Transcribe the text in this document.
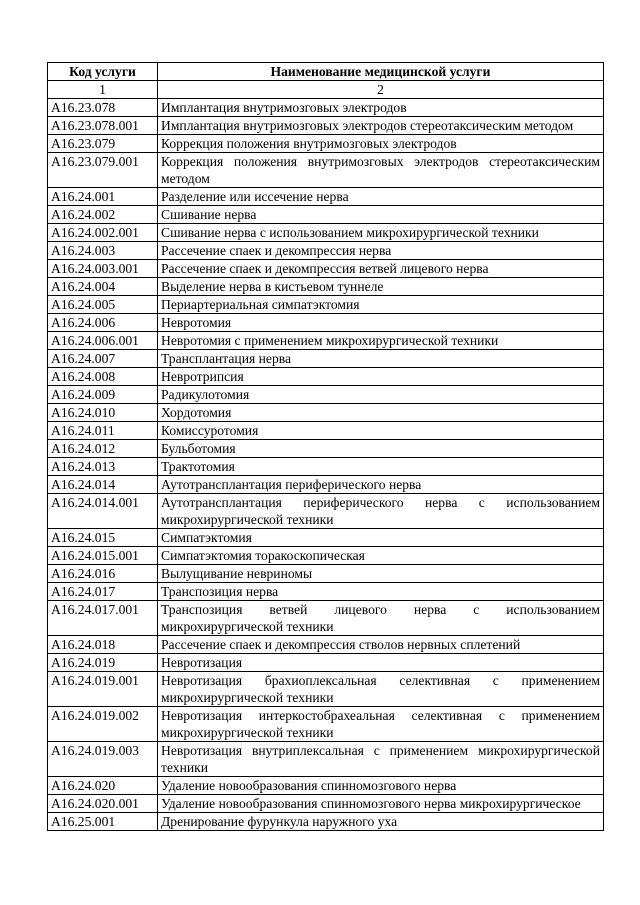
Код услуги	Наименование медицинской услуги
1	2
A16.23.078	Имплантация внутримозговых электродов
A16.23.078.001	Имплантация внутримозговых электродов стереотаксическим методом
A16.23.079	Коррекция положения внутримозговых электродов
A16.23.079.001	Коррекция положения внутримозговых электродов стереотаксическим методом
A16.24.001	Разделение или иссечение нерва
A16.24.002	Сшивание нерва
A16.24.002.001	Сшивание нерва с использованием микрохирургической техники
A16.24.003	Рассечение спаек и декомпрессия нерва
A16.24.003.001	Рассечение спаек и декомпрессия ветвей лицевого нерва
A16.24.004	Выделение нерва в кистьевом туннеле
A16.24.005	Периартериальная симпатэктомия
A16.24.006	Невротомия
A16.24.006.001	Невротомия с применением микрохирургической техники
A16.24.007	Трансплантация нерва
A16.24.008	Невротрипсия
A16.24.009	Радикулотомия
A16.24.010	Хордотомия
A16.24.011	Комиссуротомия
A16.24.012	Бульботомия
A16.24.013	Трактотомия
A16.24.014	Аутотрансплантация периферического нерва
A16.24.014.001	Аутотрансплантация периферического нерва с использованием микрохирургической техники
A16.24.015	Симпатэктомия
A16.24.015.001	Симпатэктомия торакоскопическая
A16.24.016	Вылущивание невриномы
A16.24.017	Транспозиция нерва
A16.24.017.001	Транспозиция ветвей лицевого нерва с использованием микрохирургической техники
A16.24.018	Рассечение спаек и декомпрессия стволов нервных сплетений
A16.24.019	Невротизация
A16.24.019.001	Невротизация брахиоплексальная селективная с применением микрохирургической техники
A16.24.019.002	Невротизация интеркостобрахеальная селективная с применением микрохирургической техники
A16.24.019.003	Невротизация внутриплексальная с применением микрохирургической техники
A16.24.020	Удаление новообразования спинномозгового нерва
A16.24.020.001	Удаление новообразования спинномозгового нерва микрохирургическое
A16.25.001	Дренирование фурункула наружного уха
